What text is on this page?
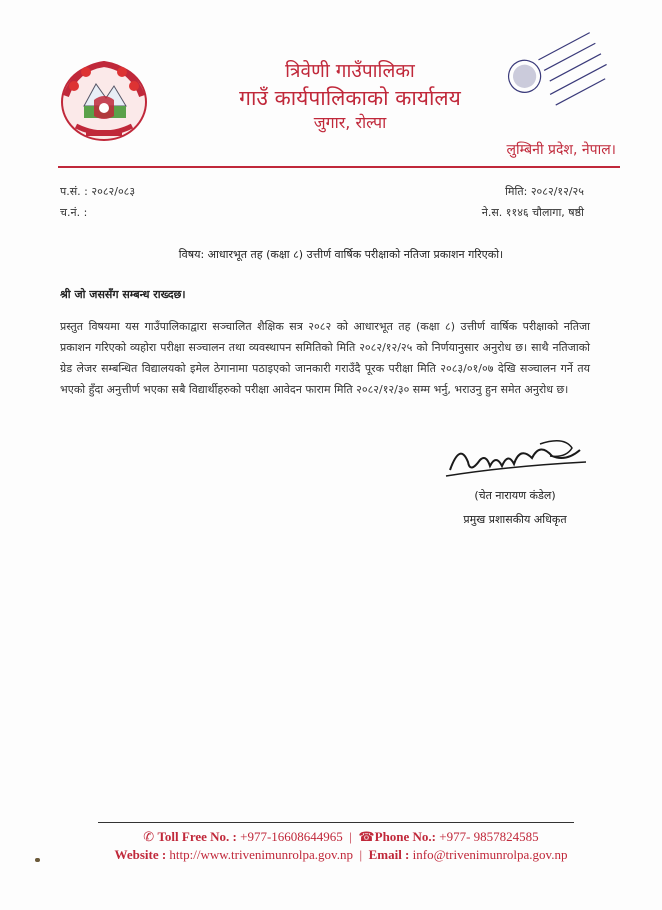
त्रिवेणी गाउँपालिका
गाउँ कार्यपालिकाको कार्यालय
जुगार, रोल्पा
लुम्बिनी प्रदेश, नेपाल।
प.सं. : २०८२/०८३
च.नं. :
मिति: २०८२/१२/२५
ने.स. ११४६ चौलागा, षष्ठी
विषय: आधारभूत तह (कक्षा ८) उत्तीर्ण वार्षिक परीक्षाको नतिजा प्रकाशन गरिएको।
श्री जो जससँग सम्बन्ध राख्दछ।
प्रस्तुत विषयमा यस गाउँपालिकाद्वारा सञ्चालित शैक्षिक सत्र २०८२ को आधारभूत तह (कक्षा ८) उत्तीर्ण वार्षिक परीक्षाको नतिजा प्रकाशन गरिएको व्यहोरा परीक्षा सञ्चालन तथा व्यवस्थापन समितिको मिति २०८२/१२/२५ को निर्णयानुसार अनुरोध छ। साथै नतिजाको ग्रेड लेजर सम्बन्धित विद्यालयको इमेल ठेगानामा पठाइएको जानकारी गराउँदै पूरक परीक्षा मिति २०८३/०१/०७ देखि सञ्चालन गर्ने तय भएको हुँदा अनुत्तीर्ण भएका सबै विद्यार्थीहरुको परीक्षा आवेदन फाराम मिति २०८२/१२/३० सम्म भर्नु, भराउनु हुन समेत अनुरोध छ।
(चेत नारायण कंडेल)
प्रमुख प्रशासकीय अधिकृत
✆ Toll Free No. : +977-16608644965  |  ☎Phone No.: +977- 9857824585
Website : http://www.trivenimunrolpa.gov.np  |  Email : info@trivenimunrolpa.gov.np
